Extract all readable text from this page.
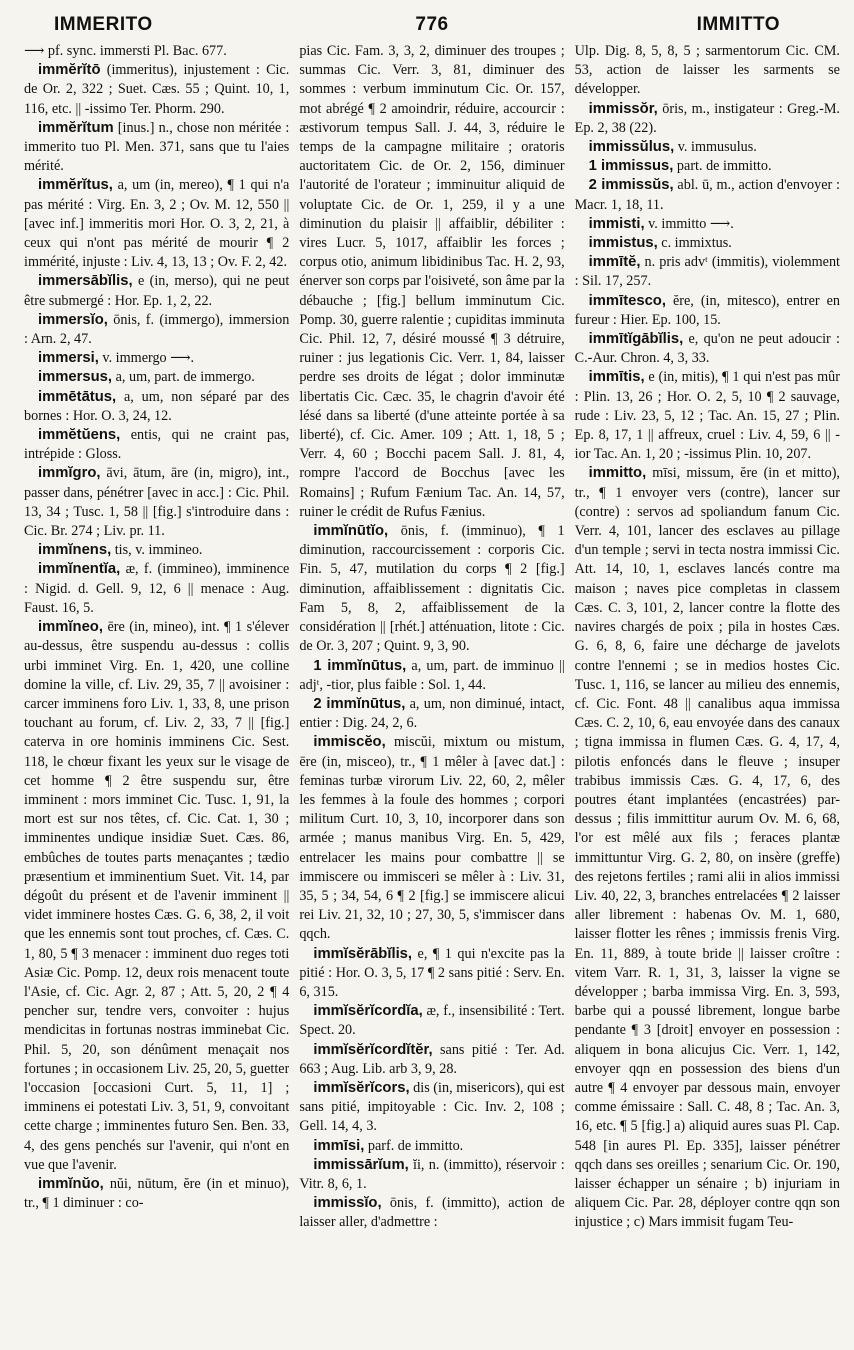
IMMERITO	776	IMMITTO

⟶ pf. sync. immersti Pl. Bac. 677.

immĕrĭtō (immeritus), injustement : Cic. de Or. 2, 322 ; Suet. Cæs. 55 ; Quint. 10, 1, 116, etc. || -issimo Ter. Phorm. 290.

immĕrĭtum [inus.] n., chose non méritée : immerito tuo Pl. Men. 371, sans que tu l'aies mérité.

immĕrĭtus, a, um (in, mereo), ¶ 1 qui n'a pas mérité : Virg. En. 3, 2 ; Ov. M. 12, 550 || [avec inf.] immeritis mori Hor. O. 3, 2, 21, à ceux qui n'ont pas mérité de mourir ¶ 2 immérité, injuste : Liv. 4, 13, 13 ; Ov. F. 2, 42.

immersābĭlis, e (in, merso), qui ne peut être submergé : Hor. Ep. 1, 2, 22.

immersĭo, ōnis, f. (immergo), immersion : Arn. 2, 47.

immersi, v. immergo ⟶.

immersus, a, um, part. de immergo.

immētātus, a, um, non séparé par des bornes : Hor. O. 3, 24, 12.

immĕtŭens, entis, qui ne craint pas, intrépide : Gloss.

immĭgro, āvi, ātum, āre (in, migro), int., passer dans, pénétrer [avec in acc.] : Cic. Phil. 13, 34 ; Tusc. 1, 58 || [fig.] s'introduire dans : Cic. Br. 274 ; Liv. pr. 11.

immĭnens, tis, v. immineo.

immĭnentĭa, æ, f. (immineo), imminence : Nigid. d. Gell. 9, 12, 6 || menace : Aug. Faust. 16, 5.

immĭneo, ēre (in, mineo), int. ¶ 1 s'élever au-dessus, être suspendu au-dessus : collis urbi imminet Virg. En. 1, 420, une colline domine la ville, cf. Liv. 29, 35, 7 || avoisiner : carcer imminens foro Liv. 1, 33, 8, une prison touchant au forum, cf. Liv. 2, 33, 7 || [fig.] caterva in ore hominis imminens Cic. Sest. 118, le chœur fixant les yeux sur le visage de cet homme ¶ 2 être suspendu sur, être imminent : mors imminet Cic. Tusc. 1, 91, la mort est sur nos têtes, cf. Cic. Cat. 1, 30 ; imminentes undique insidiæ Suet. Cæs. 86, embûches de toutes parts menaçantes ; tædio præsentium et imminentium Suet. Vit. 14, par dégoût du présent et de l'avenir imminent || videt imminere hostes Cæs. G. 6, 38, 2, il voit que les ennemis sont tout proches, cf. Cæs. C. 1, 80, 5 ¶ 3 menacer : imminent duo reges toti Asiæ Cic. Pomp. 12, deux rois menacent toute l'Asie, cf. Cic. Agr. 2, 87 ; Att. 5, 20, 2 ¶ 4 pencher sur, tendre vers, convoiter : hujus mendicitas in fortunas nostras imminebat Cic. Phil. 5, 20, son dénûment menaçait nos fortunes ; in occasionem Liv. 25, 20, 5, guetter l'occasion [occasioni Curt. 5, 11, 1] ; imminens ei potestati Liv. 3, 51, 9, convoitant cette charge ; imminentes futuro Sen. Ben. 33, 4, des gens penchés sur l'avenir, qui n'ont en vue que l'avenir.

immĭnŭo, nŭi, nūtum, ĕre (in et minuo), tr., ¶ 1 diminuer : co-

pias Cic. Fam. 3, 3, 2, diminuer des troupes ; summas Cic. Verr. 3, 81, diminuer des sommes : verbum imminutum Cic. Or. 157, mot abrégé ¶ 2 amoindrir, réduire, accourcir : æstivorum tempus Sall. J. 44, 3, réduire le temps de la campagne militaire ; oratoris auctoritatem Cic. de Or. 2, 156, diminuer l'autorité de l'orateur ; imminuitur aliquid de voluptate Cic. de Or. 1, 259, il y a une diminution du plaisir || affaiblir, débiliter : vires Lucr. 5, 1017, affaiblir les forces ; corpus otio, animum libidinibus Tac. H. 2, 93, énerver son corps par l'oisiveté, son âme par la débauche ; [fig.] bellum imminutum Cic. Pomp. 30, guerre ralentie ; cupiditas imminuta Cic. Phil. 12, 7, désiré moussé ¶ 3 détruire, ruiner : jus legationis Cic. Verr. 1, 84, laisser perdre ses droits de légat ; dolor imminutæ libertatis Cic. Cæc. 35, le chagrin d'avoir été lésé dans sa liberté (d'une atteinte portée à sa liberté), cf. Cic. Amer. 109 ; Att. 1, 18, 5 ; Verr. 4, 60 ; Bocchi pacem Sall. J. 81, 4, rompre l'accord de Bocchus [avec les Romains] ; Rufum Fænium Tac. An. 14, 57, ruiner le crédit de Rufus Fænius.

immĭnūtĭo, ōnis, f. (imminuo), ¶ 1 diminution, raccourcissement : corporis Cic. Fin. 5, 47, mutilation du corps ¶ 2 [fig.] diminution, affaiblissement : dignitatis Cic. Fam 5, 8, 2, affaiblissement de la considération || [rhét.] atténuation, litote : Cic. de Or. 3, 207 ; Quint. 9, 3, 90.

1 immĭnūtus, a, um, part. de imminuo || adjᵗ, -tior, plus faible : Sol. 1, 44.

2 immĭnūtus, a, um, non diminué, intact, entier : Dig. 24, 2, 6.

immiscĕo, miscŭi, mixtum ou mistum, ēre (in, misceo), tr., ¶ 1 mêler à [avec dat.] : feminas turbæ virorum Liv. 22, 60, 2, mêler les femmes à la foule des hommes ; corpori militum Curt. 10, 3, 10, incorporer dans son armée ; manus manibus Virg. En. 5, 429, entrelacer les mains pour combattre || se immiscere ou immisceri se mêler à : Liv. 31, 35, 5 ; 34, 54, 6 ¶ 2 [fig.] se immiscere alicui rei Liv. 21, 32, 10 ; 27, 30, 5, s'immiscer dans qqch.

immĭsĕrābĭlis, e, ¶ 1 qui n'excite pas la pitié : Hor. O. 3, 5, 17 ¶ 2 sans pitié : Serv. En. 6, 315.

immĭsĕrĭcordĭa, æ, f., insensibilité : Tert. Spect. 20.

immĭsĕrĭcordĭtĕr, sans pitié : Ter. Ad. 663 ; Aug. Lib. arb 3, 9, 28.

immĭsĕrĭcors, dis (in, misericors), qui est sans pitié, impitoyable : Cic. Inv. 2, 108 ; Gell. 14, 4, 3.

immīsi, parf. de immitto.

immissārĭum, ĭi, n. (immitto), réservoir : Vitr. 8, 6, 1.

immissĭo, ōnis, f. (immitto), action de laisser aller, d'admettre :

Ulp. Dig. 8, 5, 8, 5 ; sarmentorum Cic. CM. 53, action de laisser les sarments se développer.

immissŏr, ōris, m., instigateur : Greg.-M. Ep. 2, 38 (22).

immissŭlus, v. immusulus.

1 immissus, part. de immitto.

2 immissŭs, abl. ū, m., action d'envoyer : Macr. 1, 18, 11.

immisti, v. immitto ⟶.

immistus, c. immixtus.

immītĕ, n. pris advᵗ (immitis), violemment : Sil. 17, 257.

immītesco, ĕre, (in, mitesco), entrer en fureur : Hier. Ep. 100, 15.

immītĭgābĭlis, e, qu'on ne peut adoucir : C.-Aur. Chron. 4, 3, 33.

immītis, e (in, mitis), ¶ 1 qui n'est pas mûr : Plin. 13, 26 ; Hor. O. 2, 5, 10 ¶ 2 sauvage, rude : Liv. 23, 5, 12 ; Tac. An. 15, 27 ; Plin. Ep. 8, 17, 1 || affreux, cruel : Liv. 4, 59, 6 || -ior Tac. An. 1, 20 ; -issimus Plin. 10, 207.

immitto, mīsi, missum, ĕre (in et mitto), tr., ¶ 1 envoyer vers (contre), lancer sur (contre) : servos ad spoliandum fanum Cic. Verr. 4, 101, lancer des esclaves au pillage d'un temple ; servi in tecta nostra immissi Cic. Att. 14, 10, 1, esclaves lancés contre ma maison ; naves pice completas in classem Cæs. C. 3, 101, 2, lancer contre la flotte des navires chargés de poix ; pila in hostes Cæs. G. 6, 8, 6, faire une décharge de javelots contre l'ennemi ; se in medios hostes Cic. Tusc. 1, 116, se lancer au milieu des ennemis, cf. Cic. Font. 48 || canalibus aqua immissa Cæs. C. 2, 10, 6, eau envoyée dans des canaux ; tigna immissa in flumen Cæs. G. 4, 17, 4, pilotis enfoncés dans le fleuve ; insuper trabibus immissis Cæs. G. 4, 17, 6, des poutres étant implantées (encastrées) par-dessus ; filis immittitur aurum Ov. M. 6, 68, l'or est mêlé aux fils ; feraces plantæ immittuntur Virg. G. 2, 80, on insère (greffe) des rejetons fertiles ; rami alii in alios immissi Liv. 40, 22, 3, branches entrelacées ¶ 2 laisser aller librement : habenas Ov. M. 1, 680, laisser flotter les rênes ; immissis frenis Virg. En. 11, 889, à toute bride || laisser croître : vitem Varr. R. 1, 31, 3, laisser la vigne se développer ; barba immissa Virg. En. 3, 593, barbe qui a poussé librement, longue barbe pendante ¶ 3 [droit] envoyer en possession : aliquem in bona alicujus Cic. Verr. 1, 142, envoyer qqn en possession des biens d'un autre ¶ 4 envoyer par dessous main, envoyer comme émissaire : Sall. C. 48, 8 ; Tac. An. 3, 16, etc. ¶ 5 [fig.] a) aliquid aures suas Pl. Cap. 548 [in aures Pl. Ep. 335], laisser pénétrer qqch dans ses oreilles ; senarium Cic. Or. 190, laisser échapper un sénaire ; b) injuriam in aliquem Cic. Par. 28, déployer contre qqn son injustice ; c) Mars immisit fugam Teu-
